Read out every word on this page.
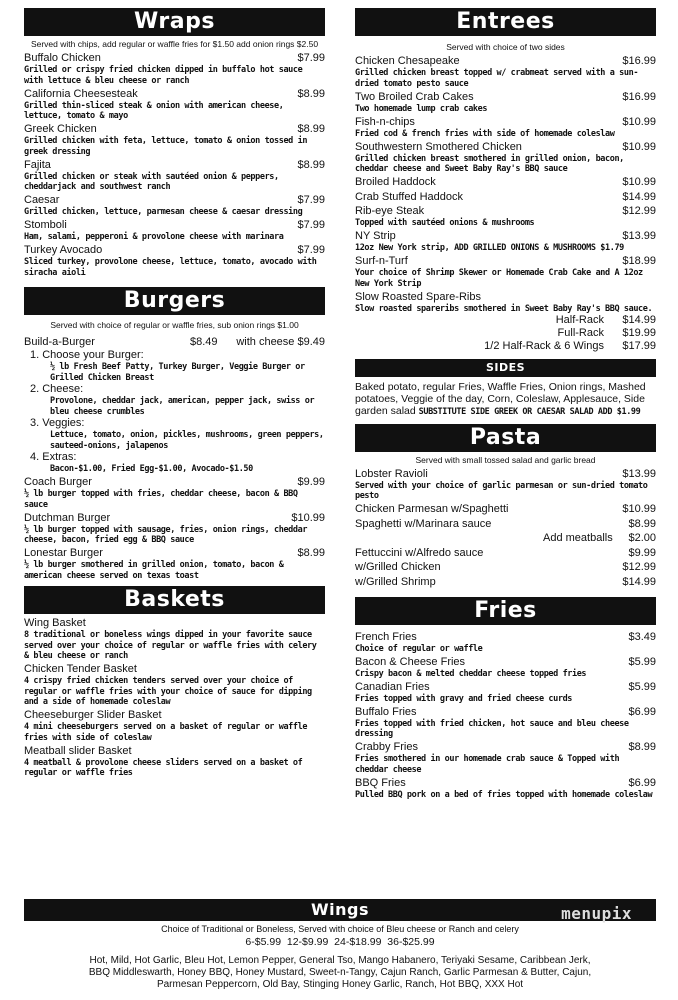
Wraps
Served with chips, add regular or waffle fries for $1.50 add onion rings $2.50
Buffalo Chicken	$7.99
Grilled or crispy fried chicken dipped in buffalo hot sauce with lettuce & bleu cheese or ranch
California Cheesesteak	$8.99
Grilled thin-sliced steak & onion with american cheese, lettuce, tomato & mayo
Greek Chicken	$8.99
Grilled chicken with feta, lettuce, tomato & onion tossed in greek dressing
Fajita	$8.99
Grilled chicken or steak with sautéed onion & peppers, cheddarjack and southwest ranch
Caesar	$7.99
Grilled chicken, lettuce, parmesan cheese & caesar dressing
Stomboli	$7.99
Ham, salami, pepperoni & provolone cheese with marinara
Turkey Avocado	$7.99
Sliced turkey, provolone cheese, lettuce, tomato, avocado with siracha aioli
Burgers
Served with choice of regular or waffle fries, sub onion rings $1.00
Build-a-Burger	$8.49 with cheese $9.49
1. Choose your Burger:
½ lb Fresh Beef Patty, Turkey Burger, Veggie Burger or Grilled Chicken Breast
2. Cheese:
Provolone, cheddar jack, american, pepper jack, swiss or bleu cheese crumbles
3. Veggies:
Lettuce, tomato, onion, pickles, mushrooms, green peppers, sauteed-onions, jalapenos
4. Extras:
Bacon-$1.00, Fried Egg-$1.00, Avocado-$1.50
Coach Burger	$9.99
½ lb burger topped with fries, cheddar cheese, bacon & BBQ sauce
Dutchman Burger	$10.99
½ lb burger topped with sausage, fries, onion rings, cheddar cheese, bacon, fried egg & BBQ sauce
Lonestar Burger	$8.99
½ lb burger smothered in grilled onion, tomato, bacon & american cheese served on texas toast
Baskets
Wing Basket
8 traditional or boneless wings dipped in your favorite sauce served over your choice of regular or waffle fries with celery & bleu cheese or ranch
Chicken Tender Basket
4 crispy fried chicken tenders served over your choice of regular or waffle fries with your choice of sauce for dipping and a side of homemade coleslaw
Cheeseburger Slider Basket
4 mini cheeseburgers served on a basket of regular or waffle fries with side of coleslaw
Meatball slider Basket
4 meatball & provolone cheese sliders served on a basket of regular or waffle fries
Entrees
Served with choice of two sides
Chicken Chesapeake	$16.99
Grilled chicken breast topped w/ crabmeat served with a sun-dried tomato pesto sauce
Two Broiled Crab Cakes	$16.99
Two homemade lump crab cakes
Fish-n-chips	$10.99
Fried cod & french fries with side of homemade coleslaw
Southwestern Smothered Chicken	$10.99
Grilled chicken breast smothered in grilled onion, bacon, cheddar cheese and Sweet Baby Ray's BBQ sauce
Broiled Haddock	$10.99
Crab Stuffed Haddock	$14.99
Rib-eye Steak	$12.99
Topped with sautéed onions & mushrooms
NY Strip	$13.99
12oz New York strip, ADD GRILLED ONIONS & MUSHROOMS $1.79
Surf-n-Turf	$18.99
Your choice of Shrimp Skewer or Homemade Crab Cake and A 12oz New York Strip
Slow Roasted Spare-Ribs
Slow roasted spareribs smothered in Sweet Baby Ray's BBQ sauce.
Half-Rack $14.99
Full-Rack $19.99
1/2 Half-Rack & 6 Wings $17.99
SIDES
Baked potato, regular Fries, Waffle Fries, Onion rings, Mashed potatoes, Veggie of the day, Corn, Coleslaw, Applesauce, Side garden salad SUBSTITUTE SIDE GREEK OR CAESAR SALAD ADD $1.99
Pasta
Served with small tossed salad and garlic bread
Lobster Ravioli	$13.99
Served with your choice of garlic parmesan or sun-dried tomato pesto
Chicken Parmesan w/Spaghetti	$10.99
Spaghetti w/Marinara sauce	$8.99
Add meatballs	$2.00
Fettuccini w/Alfredo sauce	$9.99
w/Grilled Chicken	$12.99
w/Grilled Shrimp	$14.99
Fries
French Fries	$3.49
Choice of regular or waffle
Bacon & Cheese Fries	$5.99
Crispy bacon & melted cheddar cheese topped fries
Canadian Fries	$5.99
Fries topped with gravy and fried cheese curds
Buffalo Fries	$6.99
Fries topped with fried chicken, hot sauce and bleu cheese dressing
Crabby Fries	$8.99
Fries smothered in our homemade crab sauce & Topped with cheddar cheese
BBQ Fries	$6.99
Pulled BBQ pork on a bed of fries topped with homemade coleslaw
Wings	menupix
Choice of Traditional or Boneless, Served with choice of Bleu cheese or Ranch and celery
6-$5.99  12-$9.99  24-$18.99  36-$25.99
Hot, Mild, Hot Garlic, Bleu Hot, Lemon Pepper, General Tso, Mango Habanero, Teriyaki Sesame, Caribbean Jerk,
BBQ Middleswarth, Honey BBQ, Honey Mustard, Sweet-n-Tangy, Cajun Ranch, Garlic Parmesan & Butter, Cajun,
Parmesan Peppercorn, Old Bay, Stinging Honey Garlic, Ranch, Hot BBQ, XXX Hot
